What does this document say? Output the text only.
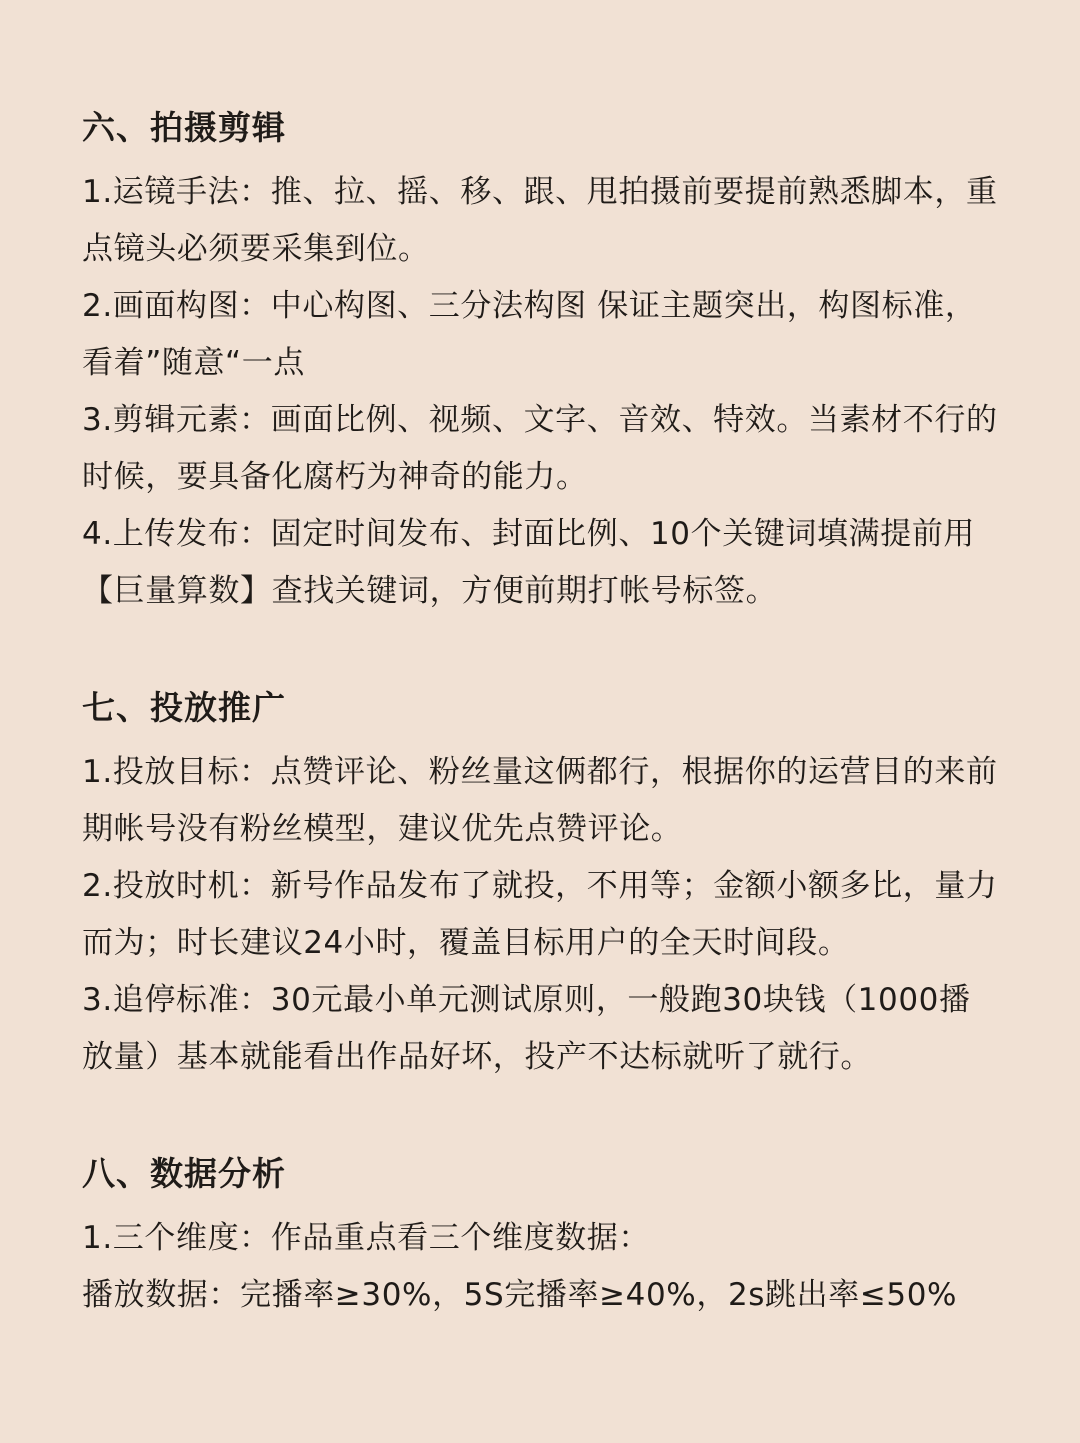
六、拍摄剪辑

1.运镜手法：推、拉、摇、移、跟、甩拍摄前要提前熟悉脚本，重点镜头必须要采集到位。

2.画面构图：中心构图、三分法构图 保证主题突出，构图标准，看着”随意“一点

3.剪辑元素：画面比例、视频、文字、音效、特效。当素材不行的时候，要具备化腐朽为神奇的能力。

4.上传发布：固定时间发布、封面比例、10个关键词填满提前用【巨量算数】查找关键词，方便前期打帐号标签。

七、投放推广

1.投放目标：点赞评论、粉丝量这俩都行，根据你的运营目的来前期帐号没有粉丝模型，建议优先点赞评论。

2.投放时机：新号作品发布了就投，不用等；金额小额多比，量力而为；时长建议24小时，覆盖目标用户的全天时间段。

3.追停标准：30元最小单元测试原则，一般跑30块钱（1000播放量）基本就能看出作品好坏，投产不达标就听了就行。

八、数据分析

1.三个维度：作品重点看三个维度数据：

播放数据：完播率≥30%，5S完播率≥40%，2s跳出率≤50%
